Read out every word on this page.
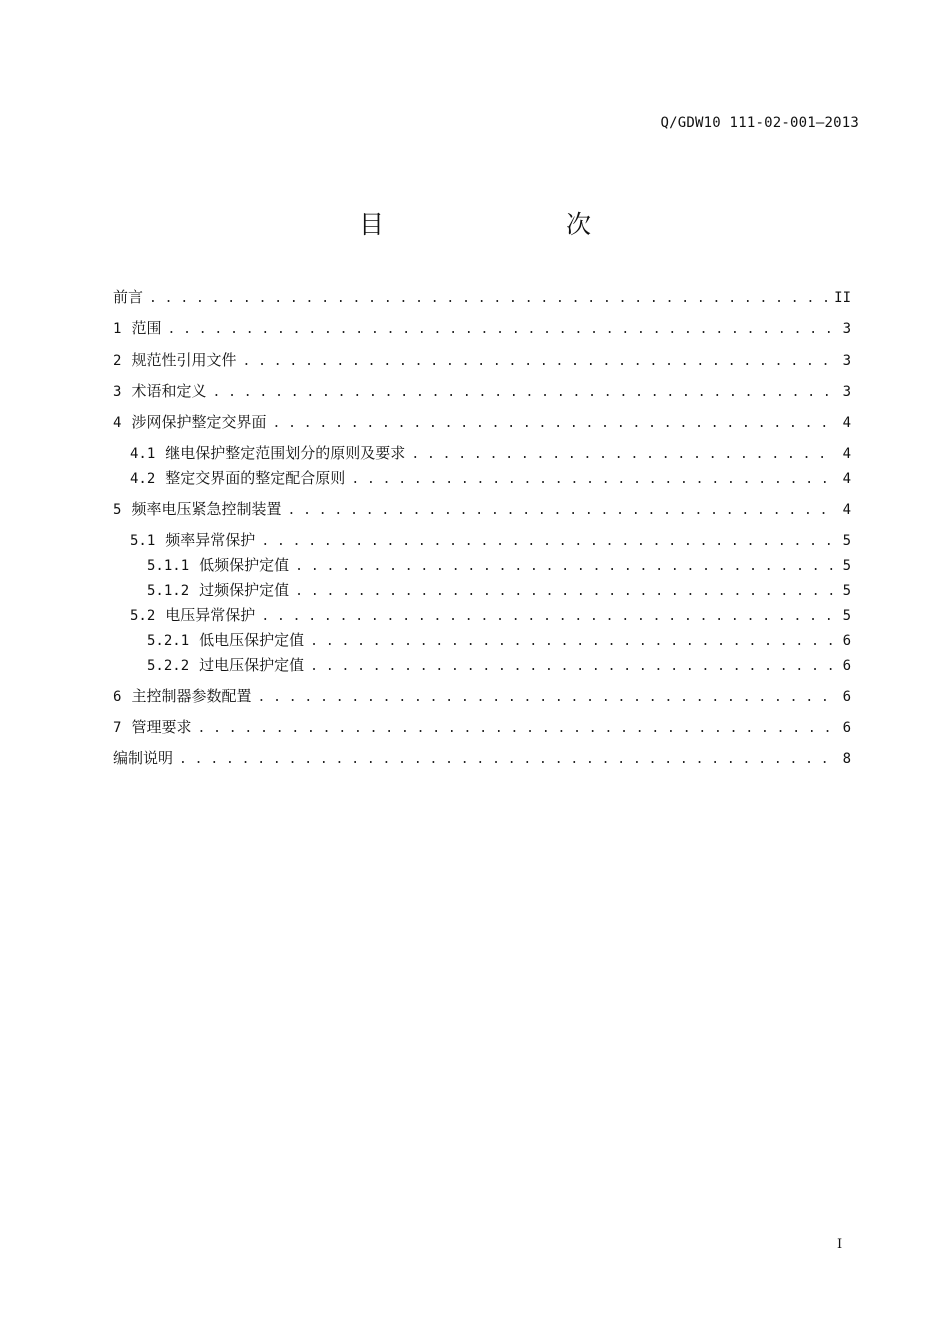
Q/GDW10 111-02-001—2013
目　　次
前言 . . .	II
1 范围 . . .	3
2 规范性引用文件 . . .	3
3 术语和定义 . . .	3
4 涉网保护整定交界面 . . .	4
4.1 继电保护整定范围划分的原则及要求 . . .	4
4.2 整定交界面的整定配合原则 . . .	4
5 频率电压紧急控制装置 . . .	4
5.1 频率异常保护 . . .	5
5.1.1 低频保护定值 . . .	5
5.1.2 过频保护定值 . . .	5
5.2 电压异常保护 . . .	5
5.2.1 低电压保护定值 . . .	6
5.2.2 过电压保护定值 . . .	6
6 主控制器参数配置 . . .	6
7 管理要求 . . .	6
编制说明 . . .	8
I
